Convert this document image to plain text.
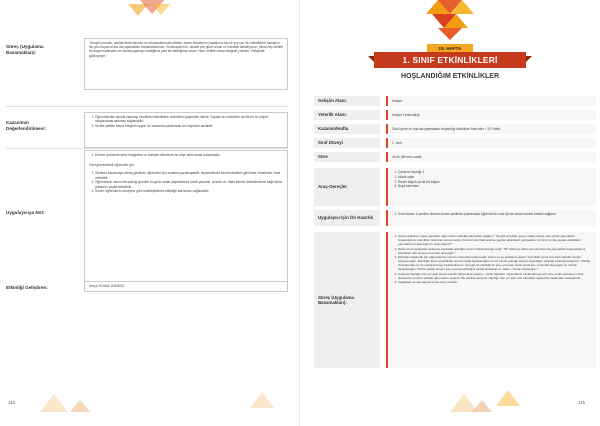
Süreç (Uygulama Basamakları):
"Sevgili çocuklar, okulda temel kavram ve arkadaşlarımızla birlikte, bazen beraberce yaptığımız birçok şey var. Bu etkinliklerin bazılarını fan gün boyunca ara ara yapmaktan hoşlandıklarımız. Unutmayalım ki, okulda çok güzel anılar ve hatıralar biriktiriyoruz. Şimdi hep birlikte bir araya toplanalım ve okulda yapmayı sevdiğimiz yeni bir etkinliğimiz olsun. Hadi, birlikte hatıra fotoğrafı çekelim. Fotoğrafa gülümseyin."
Kazanımın Değerlendirilmesi:
1. Öğrencilerden okulda yapmayı sevdikleri etkinliklerin resimlerini yapmaları istenir. Yapılan bu resimlerin sınıfta bir an köşesi oluşturularak asılması sağlanabilir.
2. Sınıfta çekilen hatıra fotoğrafı uygun bir zamanda çıkartılarak anı köşesine asılabilir.
Uygulayıcıya Not:
1. Dönem içerisinde farklı fotoğraflar ve resimler eklenerek bu köşe aktif olarak kullanılabilir.
Özel gereksinimli öğrenciler için;
1. Gözlerin kaşınmaya dönüş gösteren öğrenciler için zorlama yapılmayabilir, deyimsellerini kendi istedikleri gibi ifade etmelerine fırsat verilebilir.
2. Öğrencilerin okulun ilk açıldığı günden bu güne kadar yaşadıklarını resim yaparak, çizerek vb. ifade etmesi desteklenerek kağıt atma yollarının çeşitlendirilebilir.
3. Sınıfın öğrencilerin düzeyine göre basitleştirilerek etkinliğe katılımları sağlanabilir.
Etkinliği Geliştiren:	Derya YILMAZ GÜNDÜZ
114
19. HAFTA
1. SINIF ETKİNLİKLERİ
HOŞLANDIĞIM ETKİNLİKLER
Gelişim Alanı:	Kariyer
Yeterlik Alanı:	Kariyer Farkındalığı
Kazanım/Hafta	Okul içinde ve dışında yapmaktan hoşlandığı etkinlikleri fark eder. / 19. Hafta
Sınıf Düzeyi	1. Sınıf
Süre	40 dk (Bir ders saati)
Araç-Gereçler
1. Çalışma Yaprağı-1
2. Müzik çalar
3. Resim kâğıdı ya da A4 kâğıdı
4. Boya kalemleri
Uygulayıcı İçin Ön Hazırlık
1. Sınıf düzeni U şekline oturma düzeni şeklinde oyarlanarak öğrencilerin sınıf içinde rahat hareket etmesi sağlanır.
Süreç (Uygulama Basamakları):
1. Gezen kalkanın izayla yaptıkları öğrencilerin etkinliği katılmaları sağlanır. "Sevgili çocuklar, geçen hafta sizlerle okul içinde yapmaktan hoşlandığımız etkinlikler üzerinde konuşmuştuk. Kimimiz okul bahçesinde yapılan etkinlikleri yapmaktan, kimimiz sınıfta yapılan etkinlikleri yapmaktan hoşlandığımızı söylemiştiniz."
2. Daha sonra aşağıdaki açıklama yapılarak etkinliğin amacı hakkında bilgi verilir: "Bir hafta ise daha çok okul dışında yapmaktan hoşlandığımız etkinlikleri fark etmeye üzerinde duracağız."
3. Etkinliğe başlamak için öğrencilerden sınıfın ortasında toplanmaları istenir ve şu açıklama yapılır: "Çocuklar şimdi size bazı etkinlik isimleri söyleyeceğim. Etkinliğin adını söylediktan sonra müziği başlatacağım ve siz müzik çalıştığı sürece söylediğim etkinliği canlandıracaksınız. Müziği durduğumda siz de canlandırmayı bırakacaksınız. Örneğin ilk etkinliğimiz ipte oynamak. Şuan şimdi ipte oynamak diyeceğim ve müziği başlatacağım. Müzik çaldığı sürece ipte oynama etkinliğini canlandıracaksınız. Hadi o zaman başlayalım."
4. Çalışma Yaprağı-1'de yer alan birinci etkinlik öğrencilere söylenir, müzik başlatılır, öğrencilerin canlandırması için süre verilir ardından müzik durdurulur ve ikinci etkinlik öğrencilere söylenir. Bu şekilde Çalışma Yaprağı-1'de yer alan tüm etkinlikler öğrenciler tarafından canlandırılır.
5. Aşağıdaki sorular kapsamında süreç tartışılır:
115
